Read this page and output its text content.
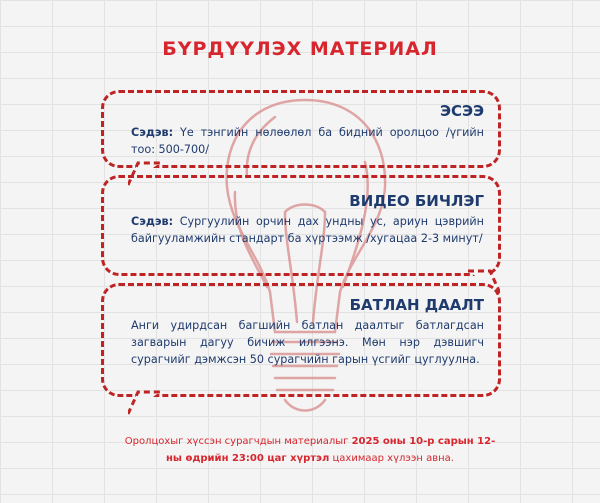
БҮРДҮҮЛЭХ МАТЕРИАЛ
ЭСЭЭ
Сэдэв: Үе тэнгийн нөлөөлөл ба бидний оролцоо /үгийн тоо: 500-700/
ВИДЕО БИЧЛЭГ
Сэдэв: Сургуулийн орчин дах ундны ус, ариун цэврийн байгууламжийн стандарт ба хүртээмж /хугацаа 2-3 минут/
БАТЛАН ДААЛТ
Анги удирдсан багшийн батлан даалтыг батлагдсан загварын дагуу бичиж илгээнэ. Мөн нэр дэвшигч сурагчийг дэмжсэн 50 сурагчийн гарын үсгийг цуглуулна.
Оролцохыг хүссэн сурагчдын материалыг 2025 оны 10-р сарын 12-ны өдрийн 23:00 цаг хүртэл цахимаар хүлээн авна.
